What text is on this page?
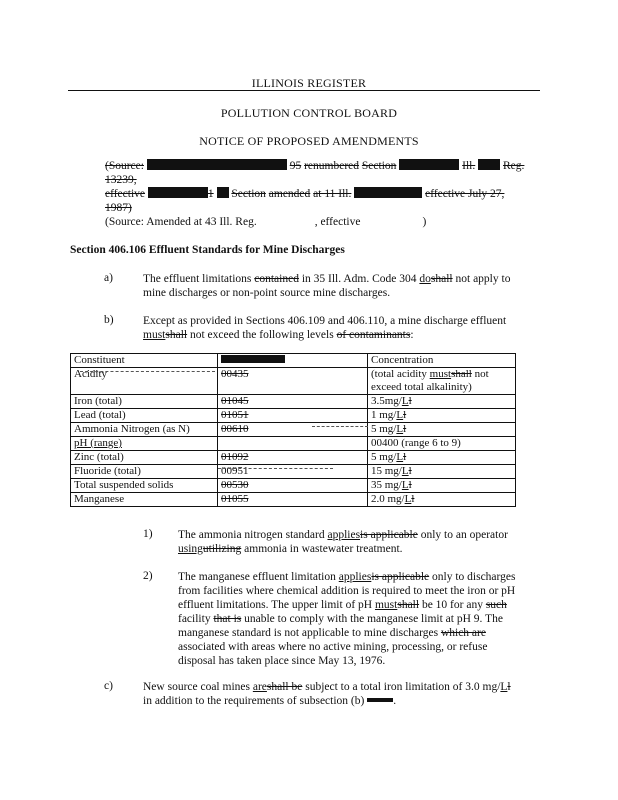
ILLINOIS REGISTER
POLLUTION CONTROL BOARD
NOTICE OF PROPOSED AMENDMENTS
(Source:	95 renumbered Section	Ill. Reg. 13239,
effective	1 Section amended at 11 Ill.	effective July 27,
1987)
(Source: Amended at 43 Ill. Reg.	, effective	)
Section 406.106 Effluent Standards for Mine Discharges
a)	The effluent limitations contained in 35 Ill. Adm. Code 304 doshall not apply to
mine discharges or non-point source mine discharges.
b)	Except as provided in Sections 406.109 and 406.110, a mine discharge effluent
mustshall not exceed the following levels of contaminants:
Constituent		Concentration
Acidity	00435	(total acidity mustshall not
exceed total alkalinity)
Iron (total)	01045	3.5mg/Ll
Lead (total)	01051	1 mg/Ll
Ammonia Nitrogen (as N)	00610	5 mg/Ll
pH (range)		00400 (range 6 to 9)
Zinc (total)	01092	5 mg/Ll
Fluoride (total)	00951	15 mg/Ll
Total suspended solids	00530	35 mg/Ll
Manganese	01055	2.0 mg/Ll
1) The ammonia nitrogen standard appliesis applicable only to an operator
usingutilizing ammonia in wastewater treatment.
2) The manganese effluent limitation appliesis applicable only to discharges
from facilities where chemical addition is required to meet the iron or pH
effluent limitations. The upper limit of pH mustshall be 10 for any such
facility that is unable to comply with the manganese limit at pH 9. The
manganese standard is not applicable to mine discharges which are
associated with areas where no active mining, processing, or refuse
disposal has taken place since May 13, 1976.
c)	New source coal mines areshall be subject to a total iron limitation of 3.0 mg/Ll
in addition to the requirements of subsection (b) .
